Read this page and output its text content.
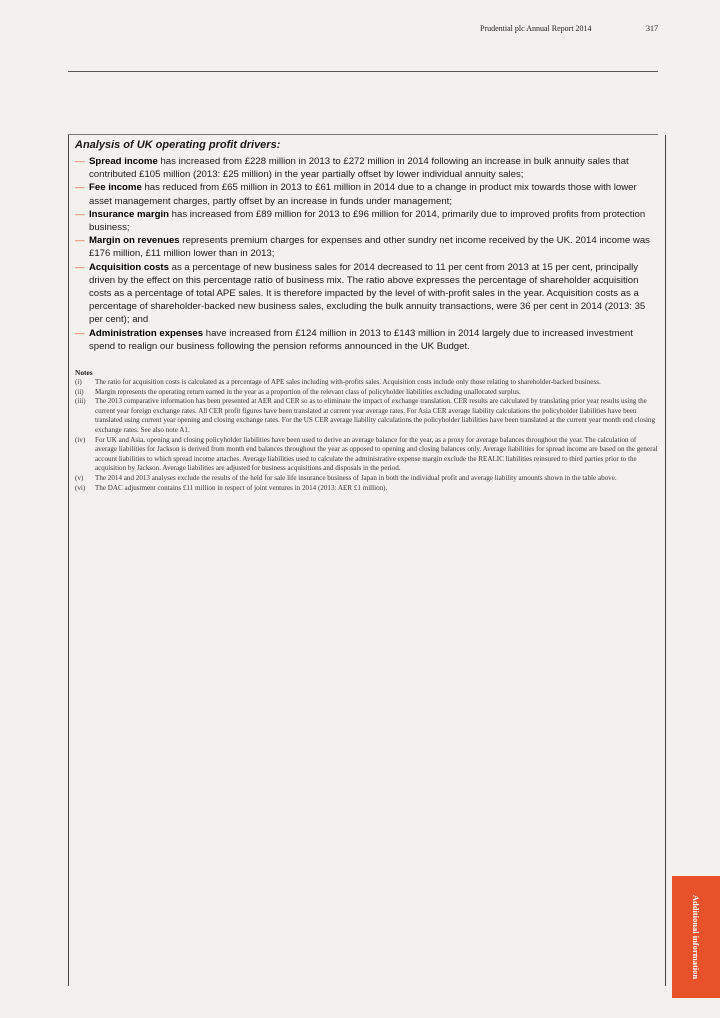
Prudential plc Annual Report 2014	317
Analysis of UK operating profit drivers:
— Spread income has increased from £228 million in 2013 to £272 million in 2014 following an increase in bulk annuity sales that contributed £105 million (2013: £25 million) in the year partially offset by lower individual annuity sales;
— Fee income has reduced from £65 million in 2013 to £61 million in 2014 due to a change in product mix towards those with lower asset management charges, partly offset by an increase in funds under management;
— Insurance margin has increased from £89 million for 2013 to £96 million for 2014, primarily due to improved profits from protection business;
— Margin on revenues represents premium charges for expenses and other sundry net income received by the UK. 2014 income was £176 million, £11 million lower than in 2013;
— Acquisition costs as a percentage of new business sales for 2014 decreased to 11 per cent from 2013 at 15 per cent, principally driven by the effect on this percentage ratio of business mix. The ratio above expresses the percentage of shareholder acquisition costs as a percentage of total APE sales. It is therefore impacted by the level of with-profit sales in the year. Acquisition costs as a percentage of shareholder-backed new business sales, excluding the bulk annuity transactions, were 36 per cent in 2014 (2013: 35 per cent); and
— Administration expenses have increased from £124 million in 2013 to £143 million in 2014 largely due to increased investment spend to realign our business following the pension reforms announced in the UK Budget.
Notes
(i) The ratio for acquisition costs is calculated as a percentage of APE sales including with-profits sales. Acquisition costs include only those relating to shareholder-backed business.
(ii) Margin represents the operating return earned in the year as a proportion of the relevant class of policyholder liabilities excluding unallocated surplus.
(iii) The 2013 comparative information has been presented at AER and CER so as to eliminate the impact of exchange translation. CER results are calculated by translating prior year results using the current year foreign exchange rates. All CER profit figures have been translated at current year average rates. For Asia CER average liability calculations the policyholder liabilities have been translated using current year opening and closing exchange rates. For the US CER average liability calculations the policyholder liabilities have been translated at the current year month end closing exchange rates. See also note A1.
(iv) For UK and Asia, opening and closing policyholder liabilities have been used to derive an average balance for the year, as a proxy for average balances throughout the year. The calculation of average liabilities for Jackson is derived from month end balances throughout the year as opposed to opening and closing balances only. Average liabilities for spread income are based on the general account liabilities to which spread income attaches. Average liabilities used to calculate the administrative expense margin exclude the REALIC liabilities reinsured to third parties prior to the acquisition by Jackson. Average liabilities are adjusted for business acquisitions and disposals in the period.
(v) The 2014 and 2013 analyses exclude the results of the held for sale life insurance business of Japan in both the individual profit and average liability amounts shown in the table above.
(vi) The DAC adjustment contains £11 million in respect of joint ventures in 2014 (2013: AER £1 million).
Additional information
